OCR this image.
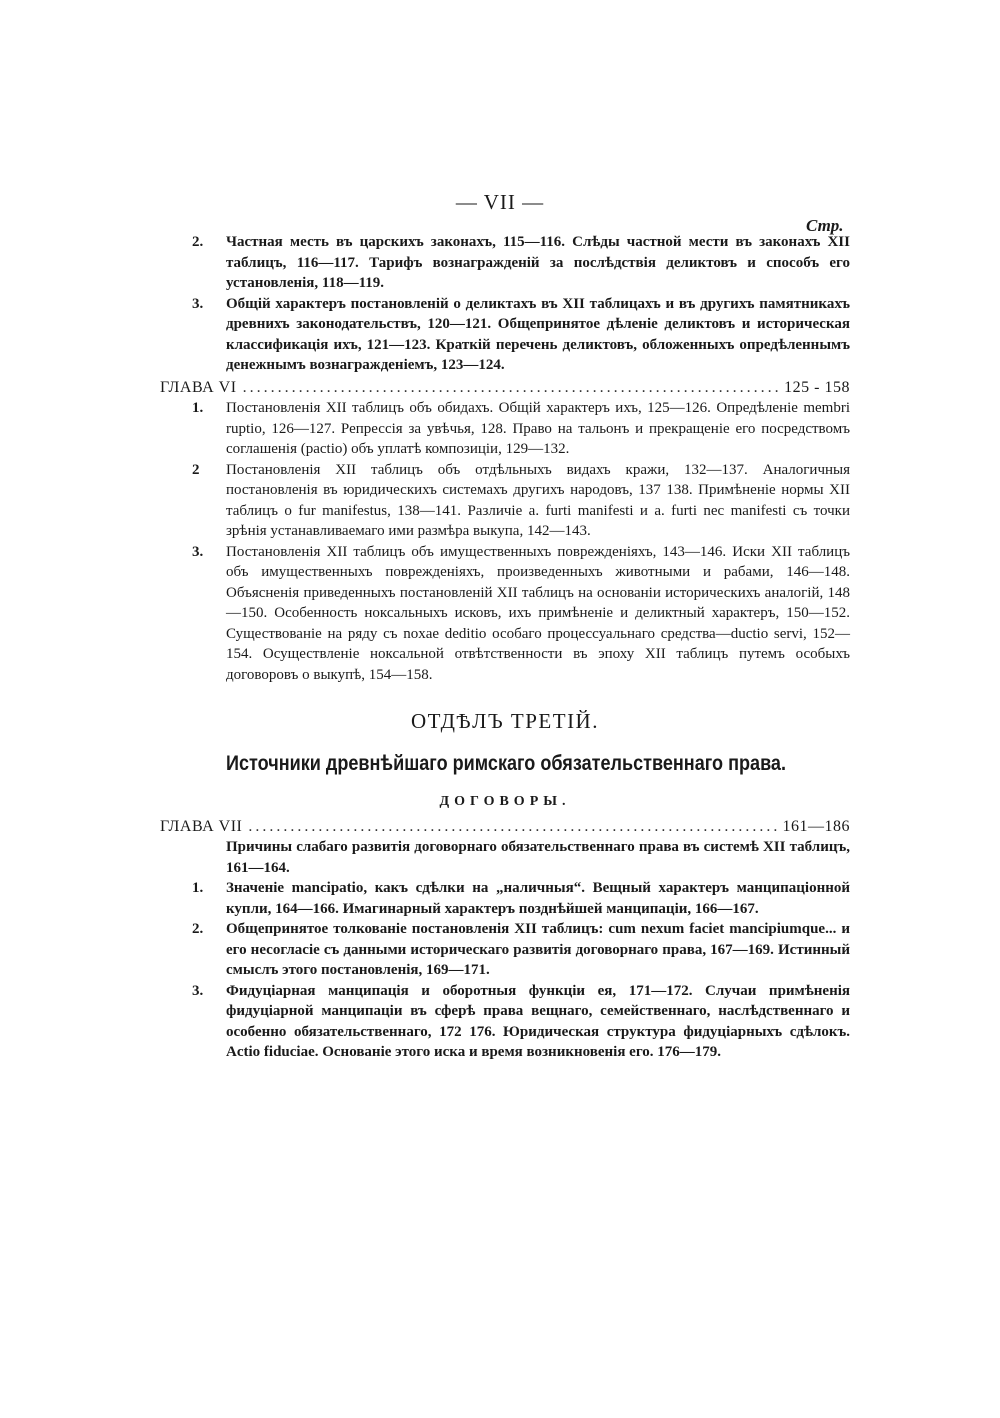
— VII —
Стр.
2. Частная месть въ царскихъ законахъ, 115—116. Слѣды частной мести въ законахъ XII таблицъ, 116—117. Тарифъ вознагражденій за послѣдствія деликтовъ и способъ его установленія, 118—119.
3. Общій характеръ постановленій о деликтахъ въ XII таблицахъ и въ другихъ памятникахъ древнихъ законодательствъ, 120—121. Общепринятое дѣленіе деликтовъ и историческая классификація ихъ, 121—123. Краткій перечень деликтовъ, обложенныхъ опредѣленнымъ денежнымъ вознагражденіемъ, 123—124.
ГЛАВА VI .....	125 - 158
1. Постановленія XII таблицъ объ обидахъ. Общій характеръ ихъ, 125—126. Опредѣленіе membri ruptio, 126—127. Репрессія за увѣчья, 128. Право на тальонъ и прекращеніе его посредствомъ соглашенія (pactio) объ уплатѣ композиціи, 129—132.
2 Постановленія XII таблицъ объ отдѣльныхъ видахъ кражи, 132—137. Аналогичныя постановленія въ юридическихъ системахъ другихъ народовъ, 137 138. Примѣненіе нормы XII таблицъ о fur manifestus, 138—141. Различіе a. furti manifesti и a. furti nec manifesti съ точки зрѣнія устанавливаемаго ими размѣра выкупа, 142—143.
3. Постановленія XII таблицъ объ имущественныхъ поврежденіяхъ, 143—146. Иски XII таблицъ объ имущественныхъ поврежденіяхъ, произведенныхъ животными и рабами, 146—148. Объясненія приведенныхъ постановленій XII таблицъ на основаніи историческихъ аналогій, 148—150. Особенность ноксальныхъ исковъ, ихъ примѣненіе и деликтный характеръ, 150—152. Существованіе на ряду съ noxae deditio особаго процессуальнаго средства—ductio servi, 152—154. Осуществленіе ноксальной отвѣтственности въ эпоху XII таблицъ путемъ особыхъ договоровъ о выкупѣ, 154—158.
ОТДѢЛЪ ТРЕТІЙ.
Источники древнѣйшаго римскаго обязательственнаго права.
ДОГОВОРЫ.
ГЛАВА VII .....	161—186
Причины слабаго развитія договорнаго обязательственнаго права въ системѣ XII таблицъ, 161—164.
1. Значеніе mancipatio, какъ сдѣлки на „наличныя“. Вещный характеръ манципаціонной купли, 164—166. Имагинарный характеръ позднѣйшей манципаціи, 166—167.
2. Общепринятое толкованіе постановленія XII таблицъ: cum nexum faciet mancipiumque... и его несогласіе съ данными историческаго развитія договорнаго права, 167—169. Истинный смыслъ этого постановленія, 169—171.
3. Фидуціарная манципація и оборотныя функціи ея, 171—172. Случаи примѣненія фидуціарной манципаціи въ сферѣ права вещнаго, семейственнаго, наслѣдственнаго и особенно обязательственнаго, 172 176. Юридическая структура фидуціарныхъ сдѣлокъ. Actio fiduciae. Основаніе этого иска и время возникновенія его. 176—179.
